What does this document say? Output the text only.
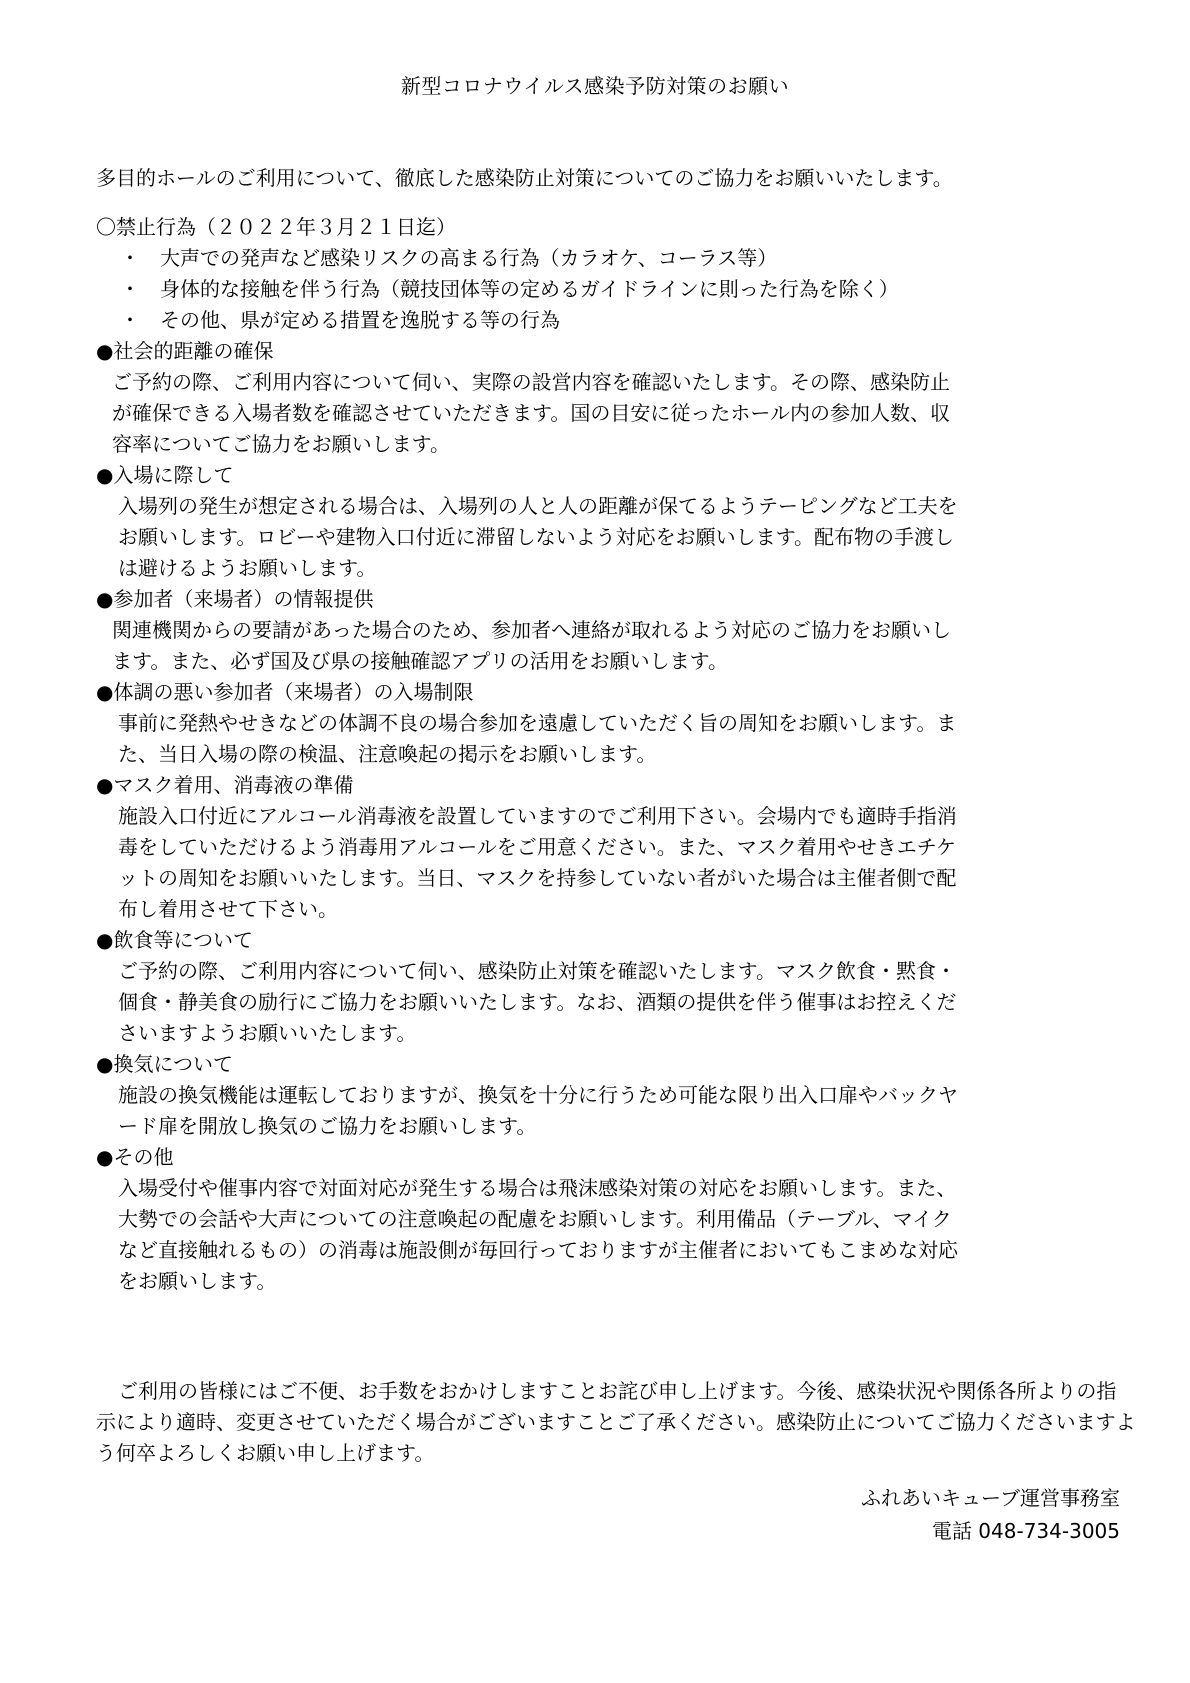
新型コロナウイルス感染予防対策のお願い
多目的ホールのご利用について、徹底した感染防止対策についてのご協力をお願いいたします。
〇禁止行為（２０２２年３月２１日迄）
・ 大声での発声など感染リスクの高まる行為（カラオケ、コーラス等）
・ 身体的な接触を伴う行為（競技団体等の定めるガイドラインに則った行為を除く）
・ その他、県が定める措置を逸脱する等の行為
●社会的距離の確保
ご予約の際、ご利用内容について伺い、実際の設営内容を確認いたします。その際、感染防止
が確保できる入場者数を確認させていただきます。国の目安に従ったホール内の参加人数、収
容率についてご協力をお願いします。
●入場に際して
入場列の発生が想定される場合は、入場列の人と人の距離が保てるようテーピングなど工夫を
お願いします。ロビーや建物入口付近に滞留しないよう対応をお願いします。配布物の手渡し
は避けるようお願いします。
●参加者（来場者）の情報提供
関連機関からの要請があった場合のため、参加者へ連絡が取れるよう対応のご協力をお願いし
ます。また、必ず国及び県の接触確認アプリの活用をお願いします。
●体調の悪い参加者（来場者）の入場制限
事前に発熱やせきなどの体調不良の場合参加を遠慮していただく旨の周知をお願いします。ま
た、当日入場の際の検温、注意喚起の掲示をお願いします。
●マスク着用、消毒液の準備
施設入口付近にアルコール消毒液を設置していますのでご利用下さい。会場内でも適時手指消
毒をしていただけるよう消毒用アルコールをご用意ください。また、マスク着用やせきエチケ
ットの周知をお願いいたします。当日、マスクを持参していない者がいた場合は主催者側で配
布し着用させて下さい。
●飲食等について
ご予約の際、ご利用内容について伺い、感染防止対策を確認いたします。マスク飲食・黙食・
個食・静美食の励行にご協力をお願いいたします。なお、酒類の提供を伴う催事はお控えくだ
さいますようお願いいたします。
●換気について
施設の換気機能は運転しておりますが、換気を十分に行うため可能な限り出入口扉やバックヤ
ード扉を開放し換気のご協力をお願いします。
●その他
入場受付や催事内容で対面対応が発生する場合は飛沫感染対策の対応をお願いします。また、
大勢での会話や大声についての注意喚起の配慮をお願いします。利用備品（テーブル、マイク
など直接触れるもの）の消毒は施設側が毎回行っておりますが主催者においてもこまめな対応
をお願いします。
ご利用の皆様にはご不便、お手数をおかけしますことお詫び申し上げます。今後、感染状況や関係各所よりの指示により適時、変更させていただく場合がございますことご了承ください。感染防止についてご協力くださいますよう何卒よろしくお願い申し上げます。
ふれあいキューブ運営事務室
電話 048-734-3005
